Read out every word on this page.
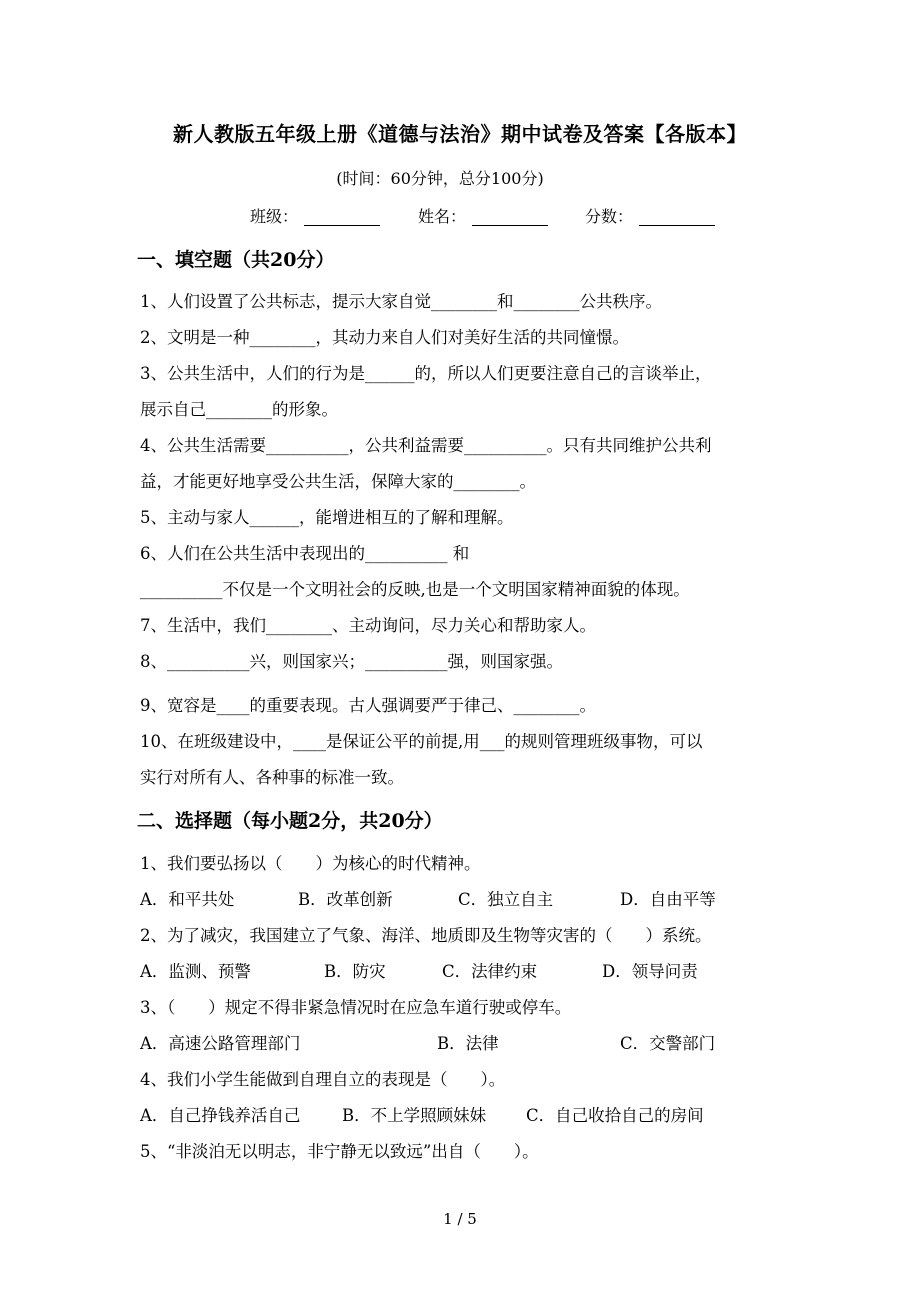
新人教版五年级上册《道德与法治》期中试卷及答案【各版本】
(时间：60分钟，总分100分)
班级：	姓名：	分数：
一、填空题（共20分）
1、人们设置了公共标志，提示大家自觉________和________公共秩序。
2、文明是一种________，其动力来自人们对美好生活的共同憧憬。
3、公共生活中，人们的行为是______的，所以人们更要注意自己的言谈举止，
展示自己________的形象。
4、公共生活需要__________，公共利益需要__________。只有共同维护公共利
益，才能更好地享受公共生活，保障大家的________。
5、主动与家人______，能增进相互的了解和理解。
6、人们在公共生活中表现出的__________ 和
__________不仅是一个文明社会的反映,也是一个文明国家精神面貌的体现。
7、生活中，我们________、主动询问，尽力关心和帮助家人。
8、__________兴，则国家兴；__________强，则国家强。
9、宽容是____的重要表现。古人强调要严于律己、________。
10、在班级建设中，____是保证公平的前提,用___的规则管理班级事物，可以
实行对所有人、各种事的标准一致。
二、选择题（每小题2分，共20分）
1、我们要弘扬以（　　）为核心的时代精神。
A．和平共处	B．改革创新	C．独立自主	D．自由平等
2、为了减灾，我国建立了气象、海洋、地质即及生物等灾害的（　　）系统。
A．监测、预警	B．防灾	C．法律约束	D．领导问责
3、（　　）规定不得非紧急情况时在应急车道行驶或停车。
A．高速公路管理部门	B．法律	C．交警部门
4、我们小学生能做到自理自立的表现是（　　）。
A．自己挣钱养活自己	B．不上学照顾妹妹 C．自己收拾自己的房间
5、“非淡泊无以明志，非宁静无以致远”出自（　　）。
1 / 5
